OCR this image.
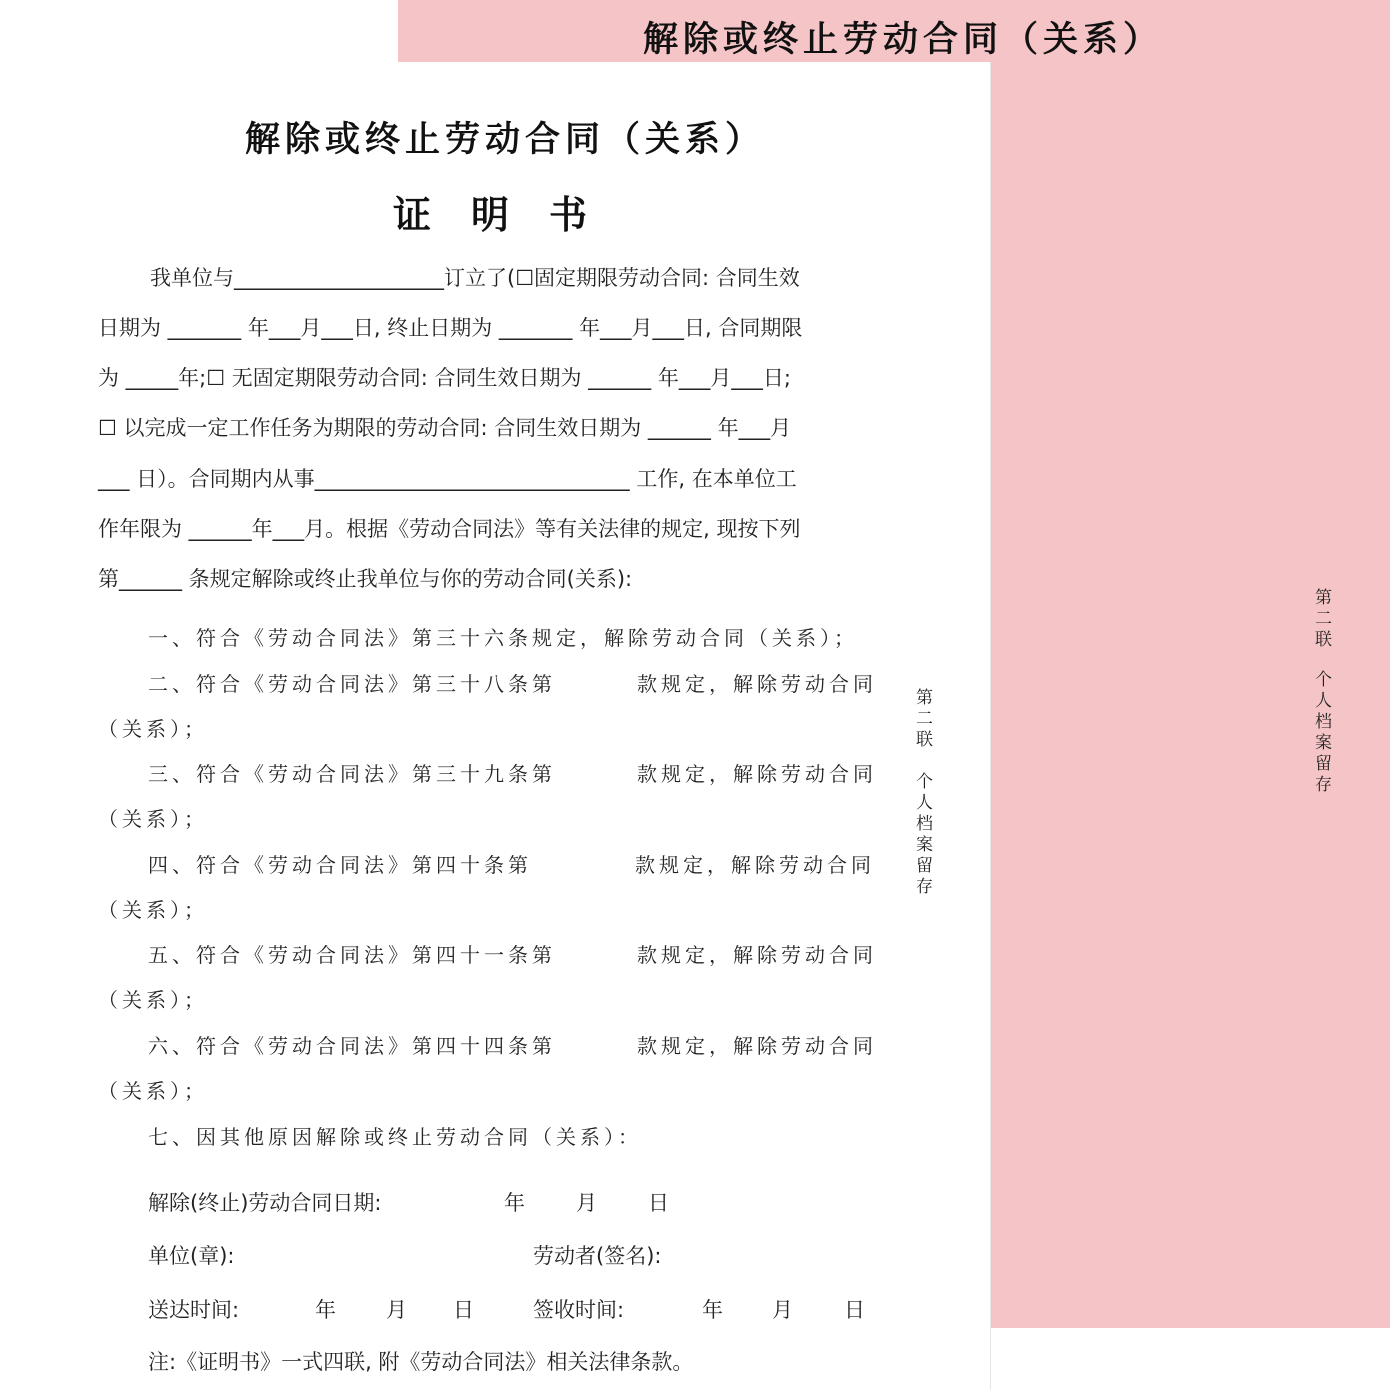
解除或终止劳动合同（关系）
第二联
个人档案留存
解除或终止劳动合同（关系）
证明书
我单位与____________________订立了(☐固定期限劳动合同: 合同生效
日期为 _______ 年___月___日, 终止日期为 _______ 年___月___日, 合同期限
为 _____年;☐ 无固定期限劳动合同: 合同生效日期为 ______ 年___月___日;
☐ 以完成一定工作任务为期限的劳动合同: 合同生效日期为 ______ 年___月
___ 日）。合同期内从事______________________________ 工作, 在本单位工
作年限为 ______年___月。根据《劳动合同法》等有关法律的规定, 现按下列
第______ 条规定解除或终止我单位与你的劳动合同(关系):
一、符合《劳动合同法》第三十六条规定，解除劳动合同（关系）；
二、符合《劳动合同法》第三十八条第	款规定，解除劳动合同
（关系）；
三、符合《劳动合同法》第三十九条第	款规定，解除劳动合同
（关系）；
四、符合《劳动合同法》第四十条第	款规定，解除劳动合同
（关系）；
五、符合《劳动合同法》第四十一条第	款规定，解除劳动合同
（关系）；
六、符合《劳动合同法》第四十四条第	款规定，解除劳动合同
（关系）；
七、因其他原因解除或终止劳动合同（关系）：
解除(终止)劳动合同日期:	年 月 日
单位(章):	劳动者(签名):
送达时间:	年 月 日	签收时间:	年 月 日
注:《证明书》一式四联, 附《劳动合同法》相关法律条款。
第二联
个人档案留存
